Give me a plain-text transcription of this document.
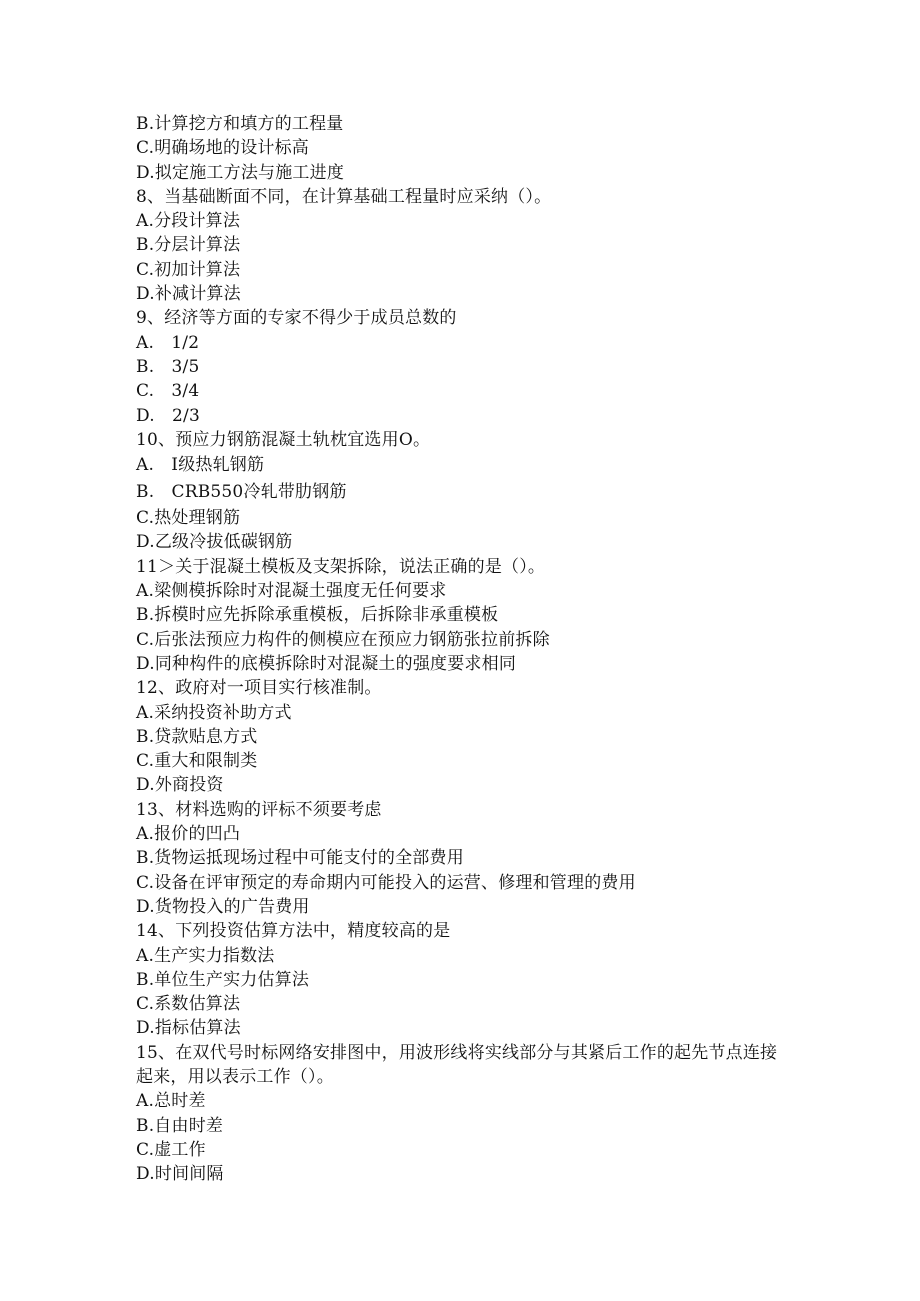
B.计算挖方和填方的工程量
C.明确场地的设计标高
D.拟定施工方法与施工进度
8、当基础断面不同，在计算基础工程量时应采纳（）。
A.分段计算法
B.分层计算法
C.初加计算法
D.补减计算法
9、经济等方面的专家不得少于成员总数的
A.　1/2
B.　3/5
C.　3/4
D.　2/3
10、预应力钢筋混凝土轨枕宜选用O。
A.　I级热轧钢筋
B.　CRB550冷轧带肋钢筋
C.热处理钢筋
D.乙级冷拔低碳钢筋
11＞关于混凝土模板及支架拆除，说法正确的是（）。
A.梁侧模拆除时对混凝土强度无任何要求
B.拆模时应先拆除承重模板，后拆除非承重模板
C.后张法预应力构件的侧模应在预应力钢筋张拉前拆除
D.同种构件的底模拆除时对混凝土的强度要求相同
12、政府对一项目实行核准制。
A.采纳投资补助方式
B.贷款贴息方式
C.重大和限制类
D.外商投资
13、材料选购的评标不须要考虑
A.报价的凹凸
B.货物运抵现场过程中可能支付的全部费用
C.设备在评审预定的寿命期内可能投入的运营、修理和管理的费用
D.货物投入的广告费用
14、下列投资估算方法中，精度较高的是
A.生产实力指数法
B.单位生产实力估算法
C.系数估算法
D.指标估算法
15、在双代号时标网络安排图中，用波形线将实线部分与其紧后工作的起先节点连接起来，用以表示工作（）。
A.总时差
B.自由时差
C.虚工作
D.时间间隔
